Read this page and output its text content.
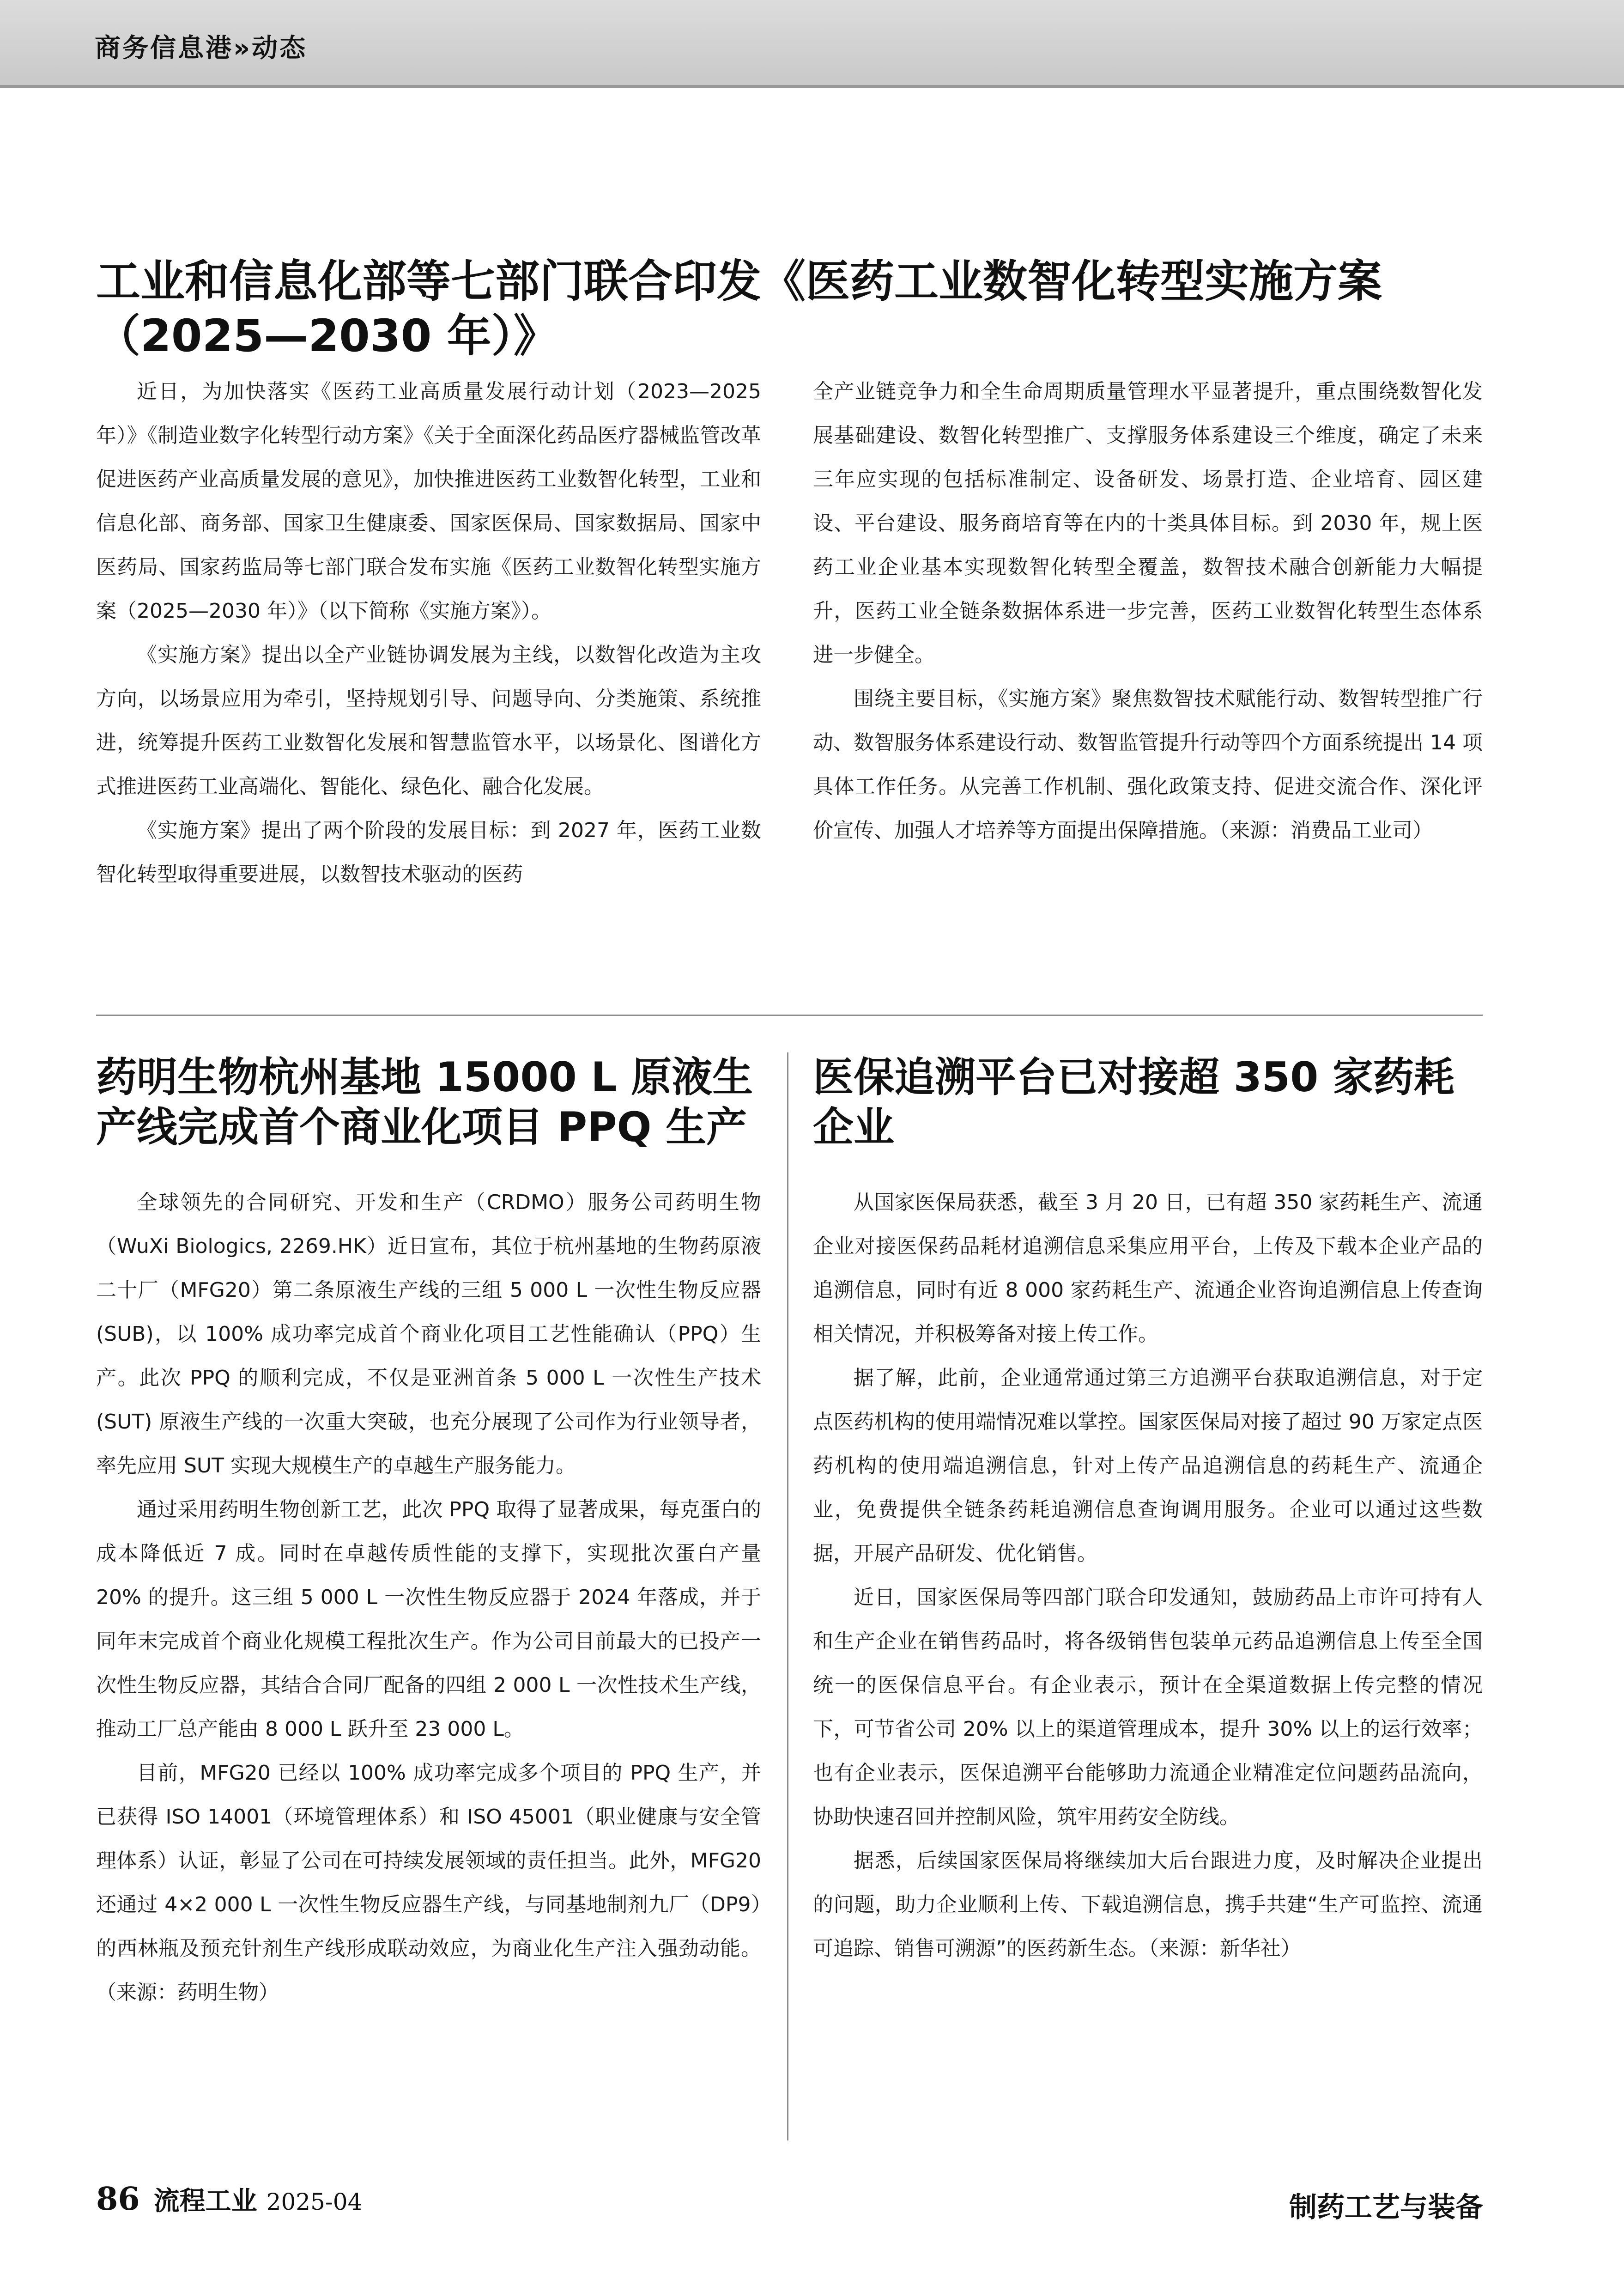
商务信息港»动态
工业和信息化部等七部门联合印发《医药工业数智化转型实施方案（2025—2030 年）》

近日，为加快落实《医药工业高质量发展行动计划（2023—2025 年）》《制造业数字化转型行动方案》《关于全面深化药品医疗器械监管改革促进医药产业高质量发展的意见》，加快推进医药工业数智化转型，工业和信息化部、商务部、国家卫生健康委、国家医保局、国家数据局、国家中医药局、国家药监局等七部门联合发布实施《医药工业数智化转型实施方案（2025—2030 年）》（以下简称《实施方案》）。

《实施方案》提出以全产业链协调发展为主线，以数智化改造为主攻方向，以场景应用为牵引，坚持规划引导、问题导向、分类施策、系统推进，统筹提升医药工业数智化发展和智慧监管水平，以场景化、图谱化方式推进医药工业高端化、智能化、绿色化、融合化发展。

《实施方案》提出了两个阶段的发展目标：到 2027 年，医药工业数智化转型取得重要进展，以数智技术驱动的医药

全产业链竞争力和全生命周期质量管理水平显著提升，重点围绕数智化发展基础建设、数智化转型推广、支撑服务体系建设三个维度，确定了未来三年应实现的包括标准制定、设备研发、场景打造、企业培育、园区建设、平台建设、服务商培育等在内的十类具体目标。到 2030 年，规上医药工业企业基本实现数智化转型全覆盖，数智技术融合创新能力大幅提升，医药工业全链条数据体系进一步完善，医药工业数智化转型生态体系进一步健全。

围绕主要目标，《实施方案》聚焦数智技术赋能行动、数智转型推广行动、数智服务体系建设行动、数智监管提升行动等四个方面系统提出 14 项具体工作任务。从完善工作机制、强化政策支持、促进交流合作、深化评价宣传、加强人才培养等方面提出保障措施。（来源：消费品工业司）

药明生物杭州基地 15000 L 原液生产线完成首个商业化项目 PPQ 生产

全球领先的合同研究、开发和生产（CRDMO）服务公司药明生物（WuXi Biologics, 2269.HK）近日宣布，其位于杭州基地的生物药原液二十厂（MFG20）第二条原液生产线的三组 5 000 L 一次性生物反应器 (SUB)，以 100% 成功率完成首个商业化项目工艺性能确认（PPQ）生产。此次 PPQ 的顺利完成，不仅是亚洲首条 5 000 L 一次性生产技术 (SUT) 原液生产线的一次重大突破，也充分展现了公司作为行业领导者，率先应用 SUT 实现大规模生产的卓越生产服务能力。

通过采用药明生物创新工艺，此次 PPQ 取得了显著成果，每克蛋白的成本降低近 7 成。同时在卓越传质性能的支撑下，实现批次蛋白产量 20% 的提升。这三组 5 000 L 一次性生物反应器于 2024 年落成，并于同年末完成首个商业化规模工程批次生产。作为公司目前最大的已投产一次性生物反应器，其结合合同厂配备的四组 2 000 L 一次性技术生产线，推动工厂总产能由 8 000 L 跃升至 23 000 L。

目前，MFG20 已经以 100% 成功率完成多个项目的 PPQ 生产，并已获得 ISO 14001（环境管理体系）和 ISO 45001（职业健康与安全管理体系）认证，彰显了公司在可持续发展领域的责任担当。此外，MFG20 还通过 4×2 000 L 一次性生物反应器生产线，与同基地制剂九厂（DP9）的西林瓶及预充针剂生产线形成联动效应，为商业化生产注入强劲动能。（来源：药明生物）

医保追溯平台已对接超 350 家药耗企业

从国家医保局获悉，截至 3 月 20 日，已有超 350 家药耗生产、流通企业对接医保药品耗材追溯信息采集应用平台，上传及下载本企业产品的追溯信息，同时有近 8 000 家药耗生产、流通企业咨询追溯信息上传查询相关情况，并积极筹备对接上传工作。

据了解，此前，企业通常通过第三方追溯平台获取追溯信息，对于定点医药机构的使用端情况难以掌控。国家医保局对接了超过 90 万家定点医药机构的使用端追溯信息，针对上传产品追溯信息的药耗生产、流通企业，免费提供全链条药耗追溯信息查询调用服务。企业可以通过这些数据，开展产品研发、优化销售。

近日，国家医保局等四部门联合印发通知，鼓励药品上市许可持有人和生产企业在销售药品时，将各级销售包装单元药品追溯信息上传至全国统一的医保信息平台。有企业表示，预计在全渠道数据上传完整的情况下，可节省公司 20% 以上的渠道管理成本，提升 30% 以上的运行效率；也有企业表示，医保追溯平台能够助力流通企业精准定位问题药品流向，协助快速召回并控制风险，筑牢用药安全防线。

据悉，后续国家医保局将继续加大后台跟进力度，及时解决企业提出的问题，助力企业顺利上传、下载追溯信息，携手共建“生产可监控、流通可追踪、销售可溯源”的医药新生态。（来源：新华社）

86 流程工业 2025-04	制药工艺与装备
